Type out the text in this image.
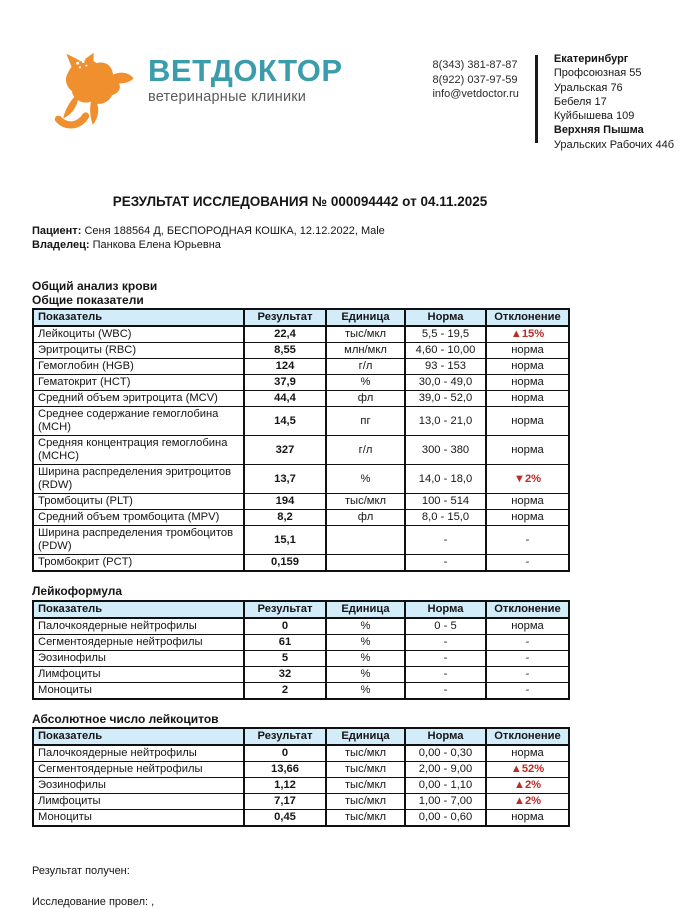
ВЕТДОКТОР
ветеринарные клиники
8(343) 381-87-87
8(922) 037-97-59
info@vetdoctor.ru
Екатеринбург
Профсоюзная 55
Уральская 76
Бебеля 17
Куйбышева 109
Верхняя Пышма
Уральских Рабочих 44б
РЕЗУЛЬТАТ ИССЛЕДОВАНИЯ № 000094442 от 04.11.2025
Пациент: Сеня 188564 Д, БЕСПОРОДНАЯ КОШКА, 12.12.2022, Male
Владелец: Панкова Елена Юрьевна
Общий анализ крови
Общие показатели
Показатель	Результат	Единица	Норма	Отклонение
Лейкоциты (WBC)	22,4	тыс/мкл	5,5 - 19,5	▲15%
Эритроциты (RBC)	8,55	млн/мкл	4,60 - 10,00	норма
Гемоглобин (HGB)	124	г/л	93 - 153	норма
Гематокрит (HCT)	37,9	%	30,0 - 49,0	норма
Средний объем эритроцита (MCV)	44,4	фл	39,0 - 52,0	норма
Среднее содержание гемоглобина (MCH)	14,5	пг	13,0 - 21,0	норма
Средняя концентрация гемоглобина (MCHC)	327	г/л	300 - 380	норма
Ширина распределения эритроцитов (RDW)	13,7	%	14,0 - 18,0	▼2%
Тромбоциты (PLT)	194	тыс/мкл	100 - 514	норма
Средний объем тромбоцита (MPV)	8,2	фл	8,0 - 15,0	норма
Ширина распределения тромбоцитов (PDW)	15,1		-	-
Тромбокрит (PCT)	0,159		-	-
Лейкоформула
Показатель	Результат	Единица	Норма	Отклонение
Палочкоядерные нейтрофилы	0	%	0 - 5	норма
Сегментоядерные нейтрофилы	61	%	-	-
Эозинофилы	5	%	-	-
Лимфоциты	32	%	-	-
Моноциты	2	%	-	-
Абсолютное число лейкоцитов
Показатель	Результат	Единица	Норма	Отклонение
Палочкоядерные нейтрофилы	0	тыс/мкл	0,00 - 0,30	норма
Сегментоядерные нейтрофилы	13,66	тыс/мкл	2,00 - 9,00	▲52%
Эозинофилы	1,12	тыс/мкл	0,00 - 1,10	▲2%
Лимфоциты	7,17	тыс/мкл	1,00 - 7,00	▲2%
Моноциты	0,45	тыс/мкл	0,00 - 0,60	норма
Результат получен:
Исследование провел: ,
